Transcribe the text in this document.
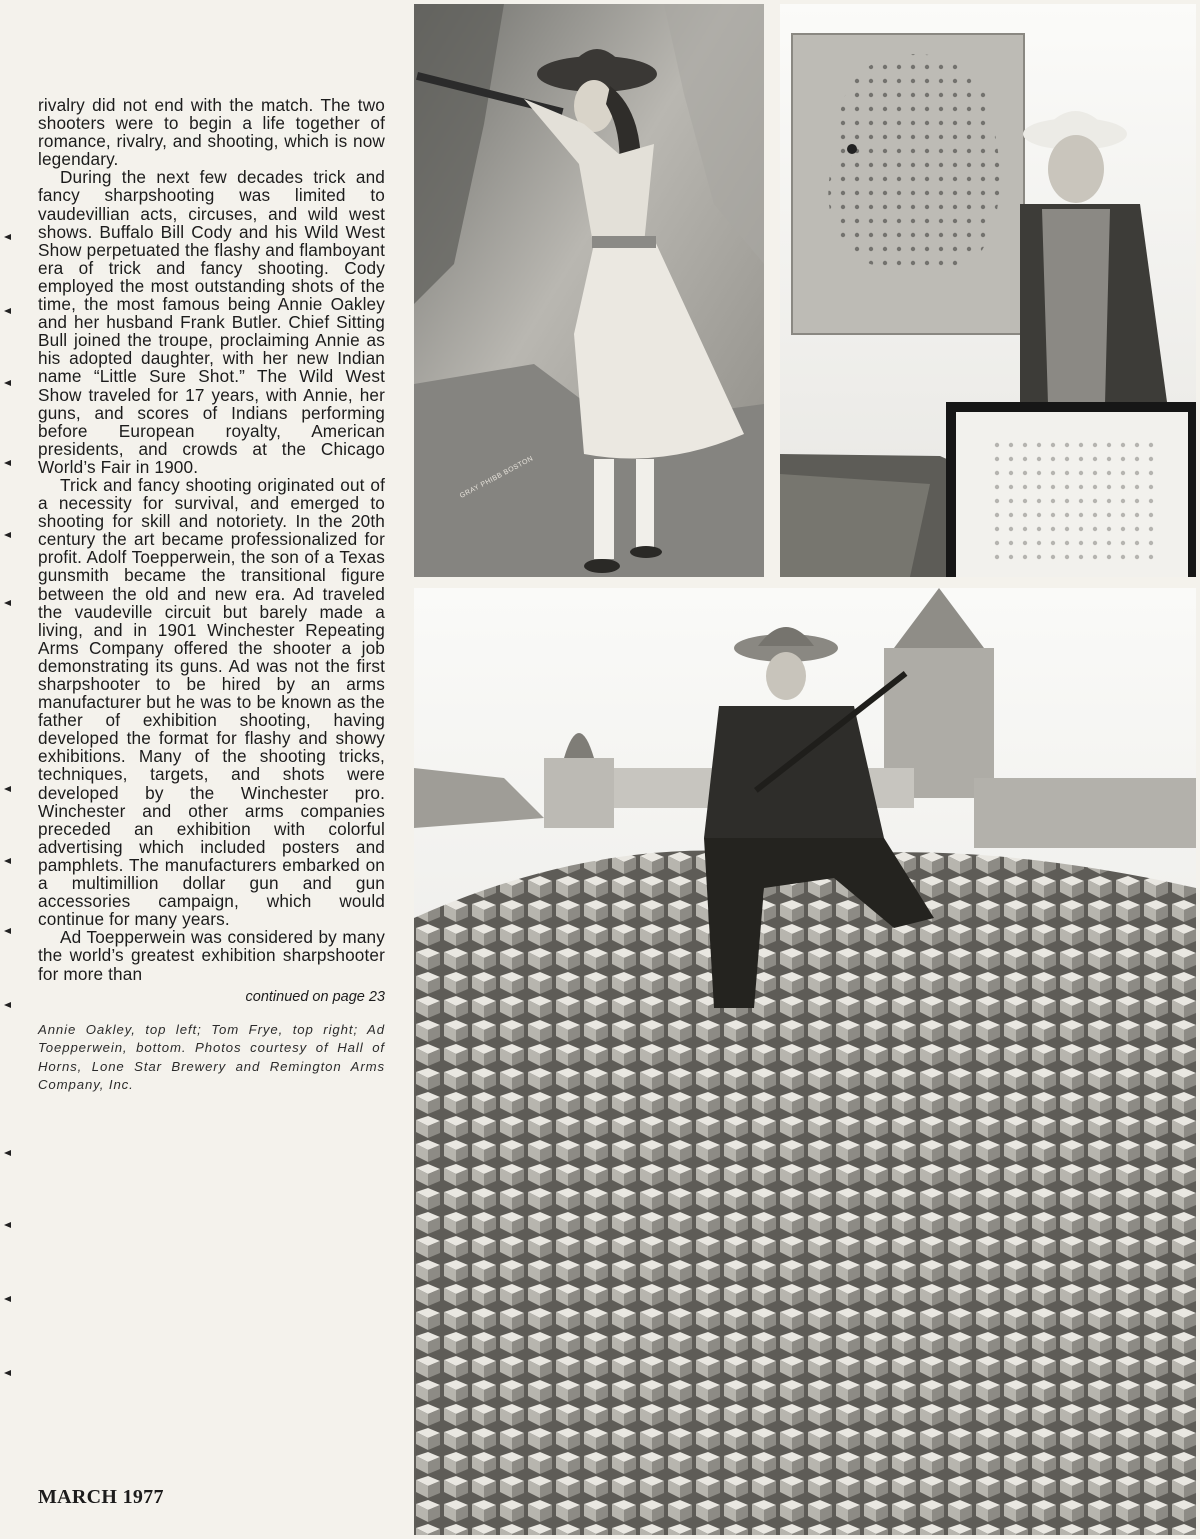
rivalry did not end with the match. The two shooters were to begin a life together of romance, rivalry, and shooting, which is now legendary.

During the next few decades trick and fancy sharpshooting was limited to vaudevillian acts, circuses, and wild west shows. Buffalo Bill Cody and his Wild West Show perpetuated the flashy and flamboyant era of trick and fancy shooting. Cody employed the most outstanding shots of the time, the most famous being Annie Oakley and her husband Frank Butler. Chief Sitting Bull joined the troupe, proclaiming Annie as his adopted daughter, with her new Indian name “Little Sure Shot.” The Wild West Show traveled for 17 years, with Annie, her guns, and scores of Indians performing before European royalty, American presidents, and crowds at the Chicago World’s Fair in 1900.

Trick and fancy shooting originated out of a necessity for survival, and emerged to shooting for skill and notoriety. In the 20th century the art became professionalized for profit. Adolf Toepperwein, the son of a Texas gunsmith became the transitional figure between the old and new era. Ad traveled the vaudeville circuit but barely made a living, and in 1901 Winchester Repeating Arms Company offered the shooter a job demonstrating its guns. Ad was not the first sharpshooter to be hired by an arms manufacturer but he was to be known as the father of exhibition shooting, having developed the format for flashy and showy exhibitions. Many of the shooting tricks, techniques, targets, and shots were developed by the Winchester pro. Winchester and other arms companies preceded an exhibition with colorful advertising which included posters and pamphlets. The manufacturers embarked on a multimillion dollar gun and gun accessories campaign, which would continue for many years.

Ad Toepperwein was considered by many the world’s greatest exhibition sharpshooter for more than

continued on page 23
Annie Oakley, top left; Tom Frye, top right; Ad Toepperwein, bottom. Photos courtesy of Hall of Horns, Lone Star Brewery and Remington Arms Company, Inc.
MARCH 1977
GRAY PHIBB BOSTON
